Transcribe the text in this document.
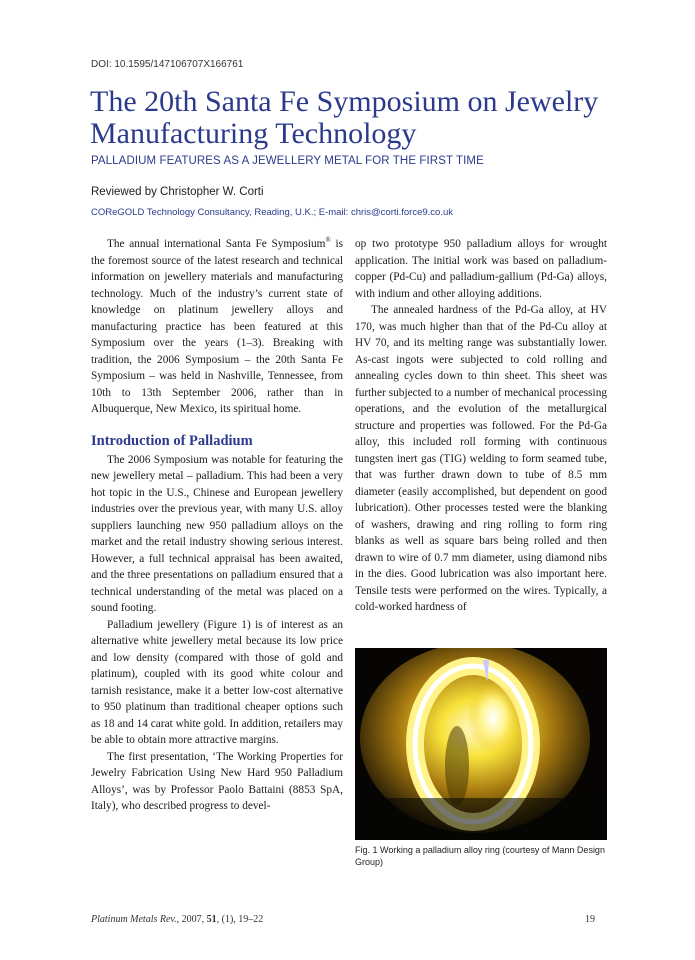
DOI: 10.1595/147106707X166761
The 20th Santa Fe Symposium on Jewelry Manufacturing Technology
PALLADIUM FEATURES AS A JEWELLERY METAL FOR THE FIRST TIME
Reviewed by Christopher W. Corti
COReGOLD Technology Consultancy, Reading, U.K.; E-mail: chris@corti.force9.co.uk

The annual international Santa Fe Symposium® is the foremost source of the latest research and technical information on jewellery materials and manufacturing technology. Much of the industry’s current state of knowledge on platinum jewellery alloys and manufacturing practice has been featured at this Symposium over the years (1–3). Breaking with tradition, the 2006 Symposium – the 20th Santa Fe Symposium – was held in Nashville, Tennessee, from 10th to 13th September 2006, rather than in Albuquerque, New Mexico, its spiritual home.

Introduction of Palladium

The 2006 Symposium was notable for featuring the new jewellery metal – palladium. This had been a very hot topic in the U.S., Chinese and European jewellery industries over the previous year, with many U.S. alloy suppliers launching new 950 palladium alloys on the market and the retail industry showing serious interest. However, a full technical appraisal has been awaited, and the three presentations on palladium ensured that a technical understanding of the metal was placed on a sound footing.

Palladium jewellery (Figure 1) is of interest as an alternative white jewellery metal because its low price and low density (compared with those of gold and platinum), coupled with its good white colour and tarnish resistance, make it a better low-cost alternative to 950 platinum than traditional cheaper options such as 18 and 14 carat white gold. In addition, retailers may be able to obtain more attractive margins.

The first presentation, ‘The Working Properties for Jewelry Fabrication Using New Hard 950 Palladium Alloys’, was by Professor Paolo Battaini (8853 SpA, Italy), who described progress to devel-

op two prototype 950 palladium alloys for wrought application. The initial work was based on palladium-copper (Pd-Cu) and palladium-gallium (Pd-Ga) alloys, with indium and other alloying additions.

The annealed hardness of the Pd-Ga alloy, at HV 170, was much higher than that of the Pd-Cu alloy at HV 70, and its melting range was substantially lower. As-cast ingots were subjected to cold rolling and annealing cycles down to thin sheet. This sheet was further subjected to a number of mechanical processing operations, and the evolution of the metallurgical structure and properties was followed. For the Pd-Ga alloy, this included roll forming with continuous tungsten inert gas (TIG) welding to form seamed tube, that was further drawn down to tube of 8.5 mm diameter (easily accomplished, but dependent on good lubrication). Other processes tested were the blanking of washers, drawing and ring rolling to form ring blanks as well as square bars being rolled and then drawn to wire of 0.7 mm diameter, using diamond nibs in the dies. Good lubrication was also important here. Tensile tests were performed on the wires. Typically, a cold-worked hardness of

Fig. 1 Working a palladium alloy ring (courtesy of Mann Design Group)
Platinum Metals Rev., 2007, 51, (1), 19–22	19
